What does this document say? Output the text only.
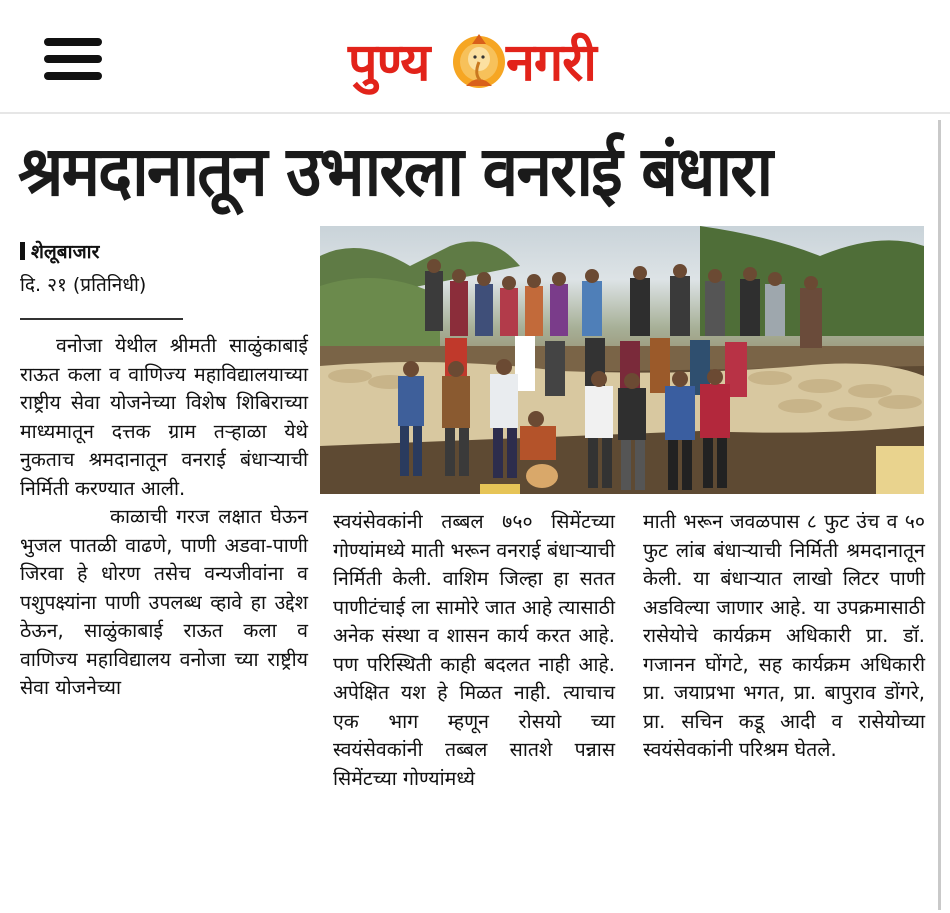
पुण्य नगरी
श्रमदानातून उभारला वनराई बंधारा
शेलूबाजार
दि. २१ (प्रतिनिधी)

वनोजा येथील श्रीमती साळुंकाबाई राऊत कला व वाणिज्य महाविद्यालयाच्या राष्ट्रीय सेवा योजनेच्या विशेष शिबिराच्या माध्यमातून दत्तक ग्राम तऱ्हाळा येथे नुकताच श्रमदानातून वनराई बंधाऱ्याची निर्मिती करण्यात आली.

काळाची गरज लक्षात घेऊन भुजल पातळी वाढणे, पाणी अडवा-पाणी जिरवा हे धोरण तसेच वन्यजीवांना व पशुपक्ष्यांना पाणी उपलब्ध व्हावे हा उद्देश ठेऊन, साळुंकाबाई राऊत कला व वाणिज्य महाविद्यालय वनोजा च्या राष्ट्रीय सेवा योजनेच्या

स्वयंसेवकांनी तब्बल ७५० सिमेंटच्या गोण्यांमध्ये माती भरून वनराई बंधाऱ्याची निर्मिती केली. वाशिम जिल्हा हा सतत पाणीटंचाई ला सामोरे जात आहे त्यासाठी अनेक संस्था व शासन कार्य करत आहे. पण परिस्थिती काही बदलत नाही आहे. अपेक्षित यश हे मिळत नाही. त्याचाच एक भाग म्हणून रोसयो च्या स्वयंसेवकांनी तब्बल सातशे पन्नास सिमेंटच्या गोण्यांमध्ये

माती भरून जवळपास ८ फुट उंच व ५० फुट लांब बंधाऱ्याची निर्मिती श्रमदानातून केली. या बंधाऱ्यात लाखो लिटर पाणी अडविल्या जाणार आहे. या उपक्रमासाठी रासेयोचे कार्यक्रम अधिकारी प्रा. डॉ. गजानन घोंगटे, सह कार्यक्रम अधिकारी प्रा. जयाप्रभा भगत, प्रा. बापुराव डोंगरे, प्रा. सचिन कडू आदी व रासेयोच्या स्वयंसेवकांनी परिश्रम घेतले.
